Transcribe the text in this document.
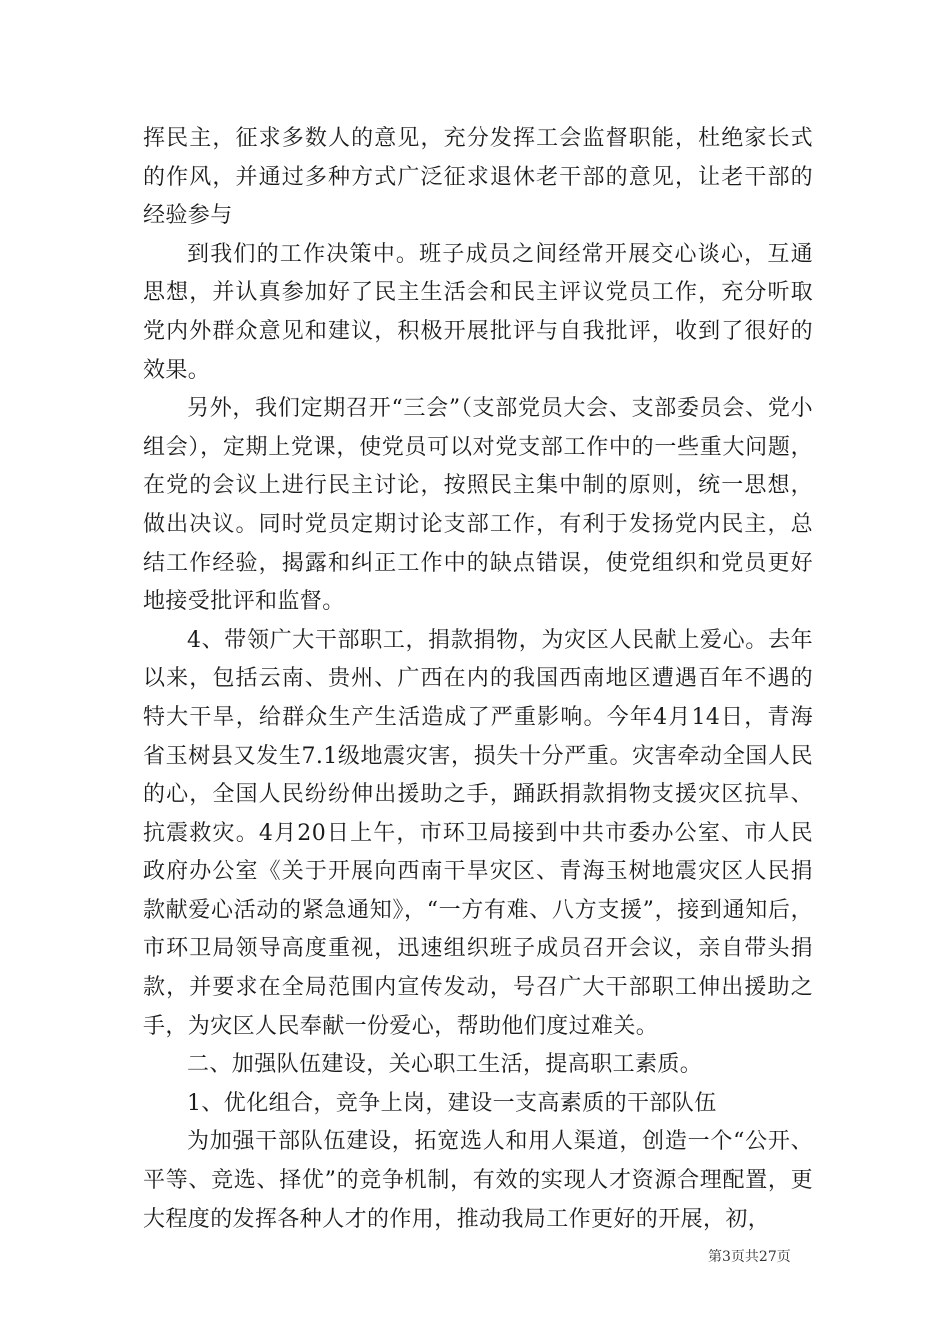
挥民主，征求多数人的意见，充分发挥工会监督职能，杜绝家长式的作风，并通过多种方式广泛征求退休老干部的意见，让老干部的经验参与

到我们的工作决策中。班子成员之间经常开展交心谈心，互通思想，并认真参加好了民主生活会和民主评议党员工作，充分听取党内外群众意见和建议，积极开展批评与自我批评，收到了很好的效果。

另外，我们定期召开“三会”（支部党员大会、支部委员会、党小组会），定期上党课，使党员可以对党支部工作中的一些重大问题，在党的会议上进行民主讨论，按照民主集中制的原则，统一思想，做出决议。同时党员定期讨论支部工作，有利于发扬党内民主，总结工作经验，揭露和纠正工作中的缺点错误，使党组织和党员更好地接受批评和监督。

4、带领广大干部职工，捐款捐物，为灾区人民献上爱心。去年以来，包括云南、贵州、广西在内的我国西南地区遭遇百年不遇的特大干旱，给群众生产生活造成了严重影响。今年4月14日，青海省玉树县又发生7.1级地震灾害，损失十分严重。灾害牵动全国人民的心，全国人民纷纷伸出援助之手，踊跃捐款捐物支援灾区抗旱、抗震救灾。4月20日上午，市环卫局接到中共市委办公室、市人民政府办公室《关于开展向西南干旱灾区、青海玉树地震灾区人民捐款献爱心活动的紧急通知》，“一方有难、八方支援”，接到通知后，市环卫局领导高度重视，迅速组织班子成员召开会议，亲自带头捐款，并要求在全局范围内宣传发动，号召广大干部职工伸出援助之手，为灾区人民奉献一份爱心，帮助他们度过难关。

二、加强队伍建设，关心职工生活，提高职工素质。

1、优化组合，竞争上岗，建设一支高素质的干部队伍

为加强干部队伍建设，拓宽选人和用人渠道，创造一个“公开、平等、竞选、择优”的竞争机制，有效的实现人才资源合理配置，更大程度的发挥各种人才的作用，推动我局工作更好的开展，初，

第3页共27页
